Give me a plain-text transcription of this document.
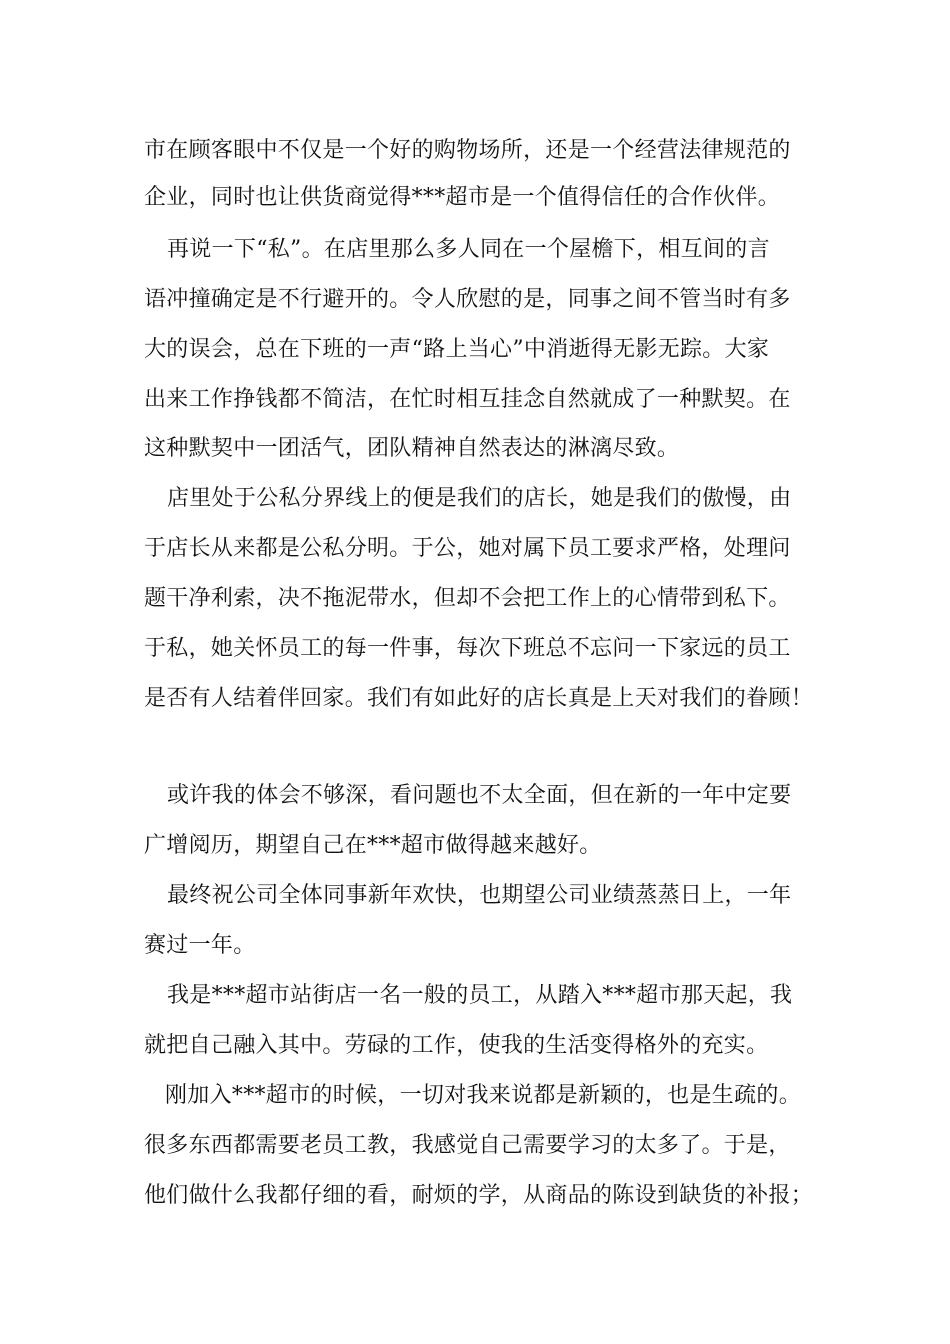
市在顾客眼中不仅是一个好的购物场所，还是一个经营法律规范的
企业，同时也让供货商觉得***超市是一个值得信任的合作伙伴。
再说一下“私”。在店里那么多人同在一个屋檐下，相互间的言
语冲撞确定是不行避开的。令人欣慰的是，同事之间不管当时有多
大的误会，总在下班的一声“路上当心”中消逝得无影无踪。大家
出来工作挣钱都不简洁，在忙时相互挂念自然就成了一种默契。在
这种默契中一团活气，团队精神自然表达的淋漓尽致。
店里处于公私分界线上的便是我们的店长，她是我们的傲慢，由
于店长从来都是公私分明。于公，她对属下员工要求严格，处理问
题干净利索，决不拖泥带水，但却不会把工作上的心情带到私下。
于私，她关怀员工的每一件事，每次下班总不忘问一下家远的员工
是否有人结着伴回家。我们有如此好的店长真是上天对我们的眷顾！
或许我的体会不够深，看问题也不太全面，但在新的一年中定要
广增阅历，期望自己在***超市做得越来越好。
最终祝公司全体同事新年欢快，也期望公司业绩蒸蒸日上，一年
赛过一年。
我是***超市站街店一名一般的员工，从踏入***超市那天起，我
就把自己融入其中。劳碌的工作，使我的生活变得格外的充实。
刚加入***超市的时候，一切对我来说都是新颖的，也是生疏的。
很多东西都需要老员工教，我感觉自己需要学习的太多了。于是，
他们做什么我都仔细的看，耐烦的学，从商品的陈设到缺货的补报；
